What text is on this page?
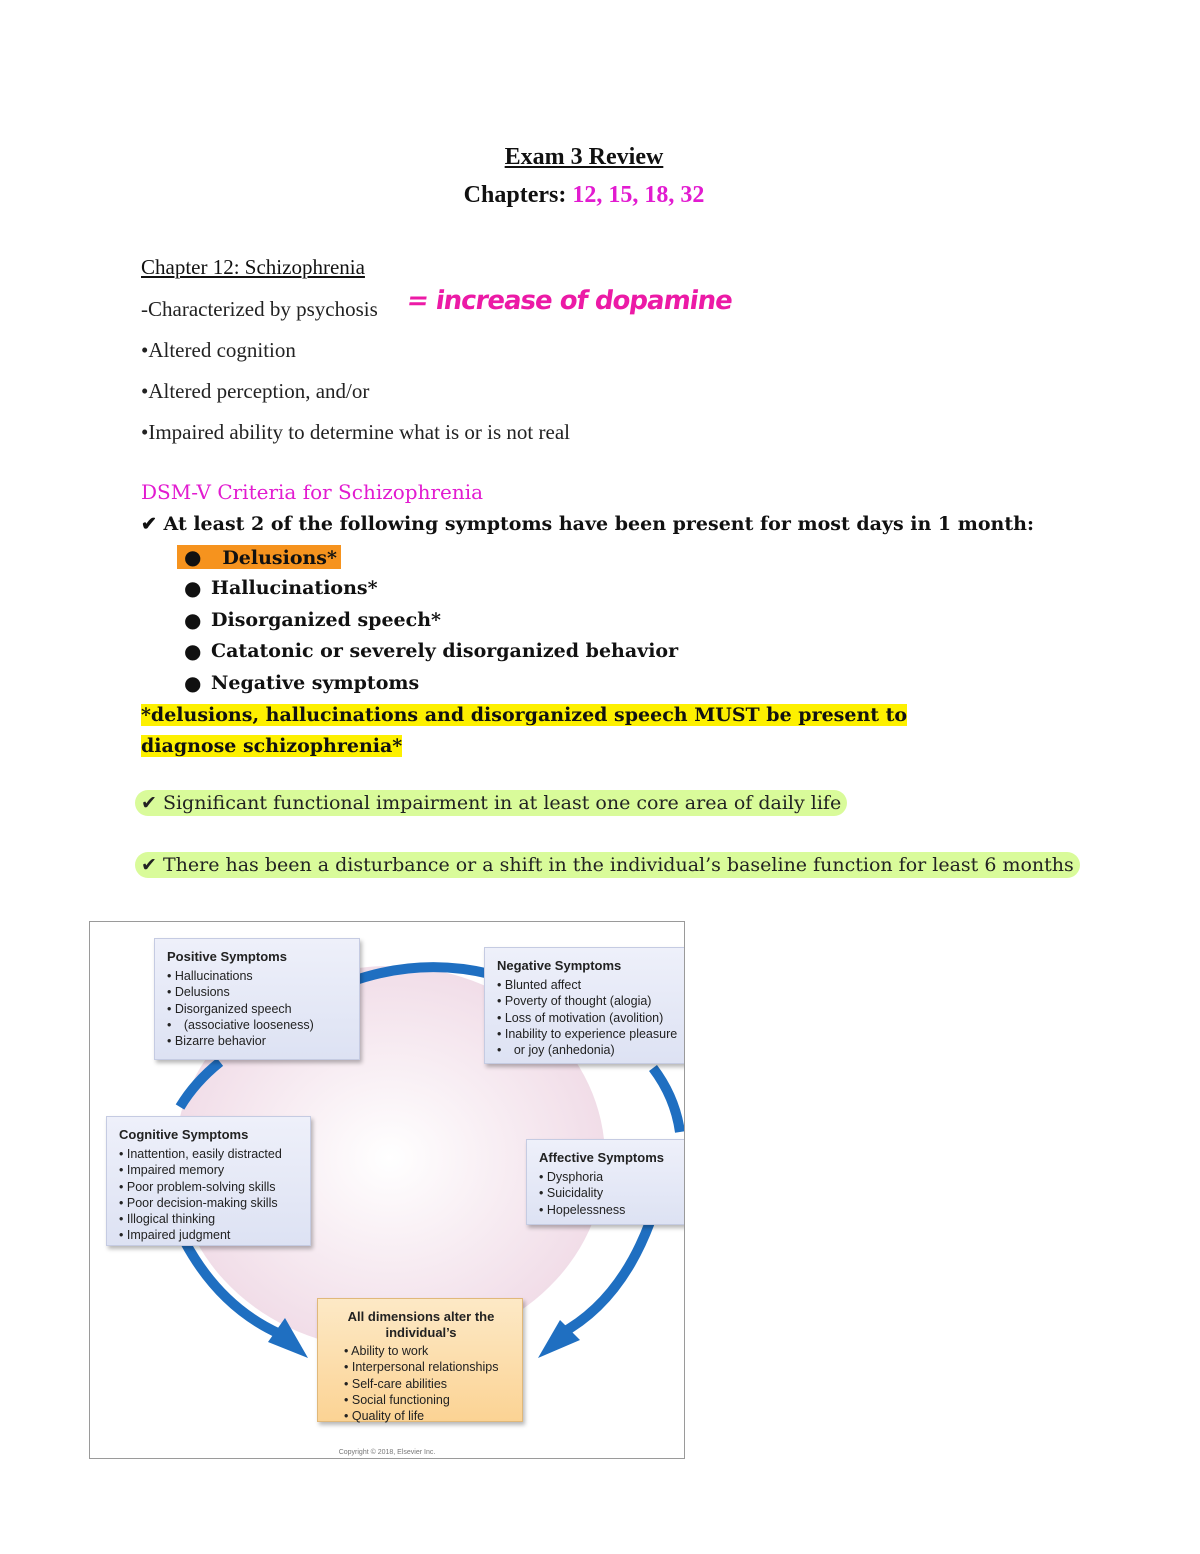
Exam 3 Review
Chapters: 12, 15, 18, 32
Chapter 12: Schizophrenia
-Characterized by psychosis = increase of dopamine
•Altered cognition
•Altered perception, and/or
•Impaired ability to determine what is or is not real
DSM-V Criteria for Schizophrenia
✔ At least 2 of the following symptoms have been present for most days in 1 month:
●   Delusions*
●
Hallucinations*
●
Disorganized speech*
●
Catatonic or severely disorganized behavior
●
Negative symptoms
*delusions, hallucinations and disorganized speech MUST be present to diagnose schizophrenia*
✔ Significant functional impairment in at least one core area of daily life
✔ There has been a disturbance or a shift in the individual’s baseline function for least 6 months
Copyright © 2018, Elsevier Inc.
Positive Symptoms
• Hallucinations
• Delusions
• Disorganized speech
• (associative looseness)
• Bizarre behavior
Negative Symptoms
• Blunted affect
• Poverty of thought (alogia)
• Loss of motivation (avolition)
• Inability to experience pleasure
• or joy (anhedonia)
Cognitive Symptoms
• Inattention, easily distracted
• Impaired memory
• Poor problem-solving skills
• Poor decision-making skills
• Illogical thinking
• Impaired judgment
Affective Symptoms
• Dysphoria
• Suicidality
• Hopelessness
All dimensions alter the
individual’s
• Ability to work
• Interpersonal relationships
• Self-care abilities
• Social functioning
• Quality of life
